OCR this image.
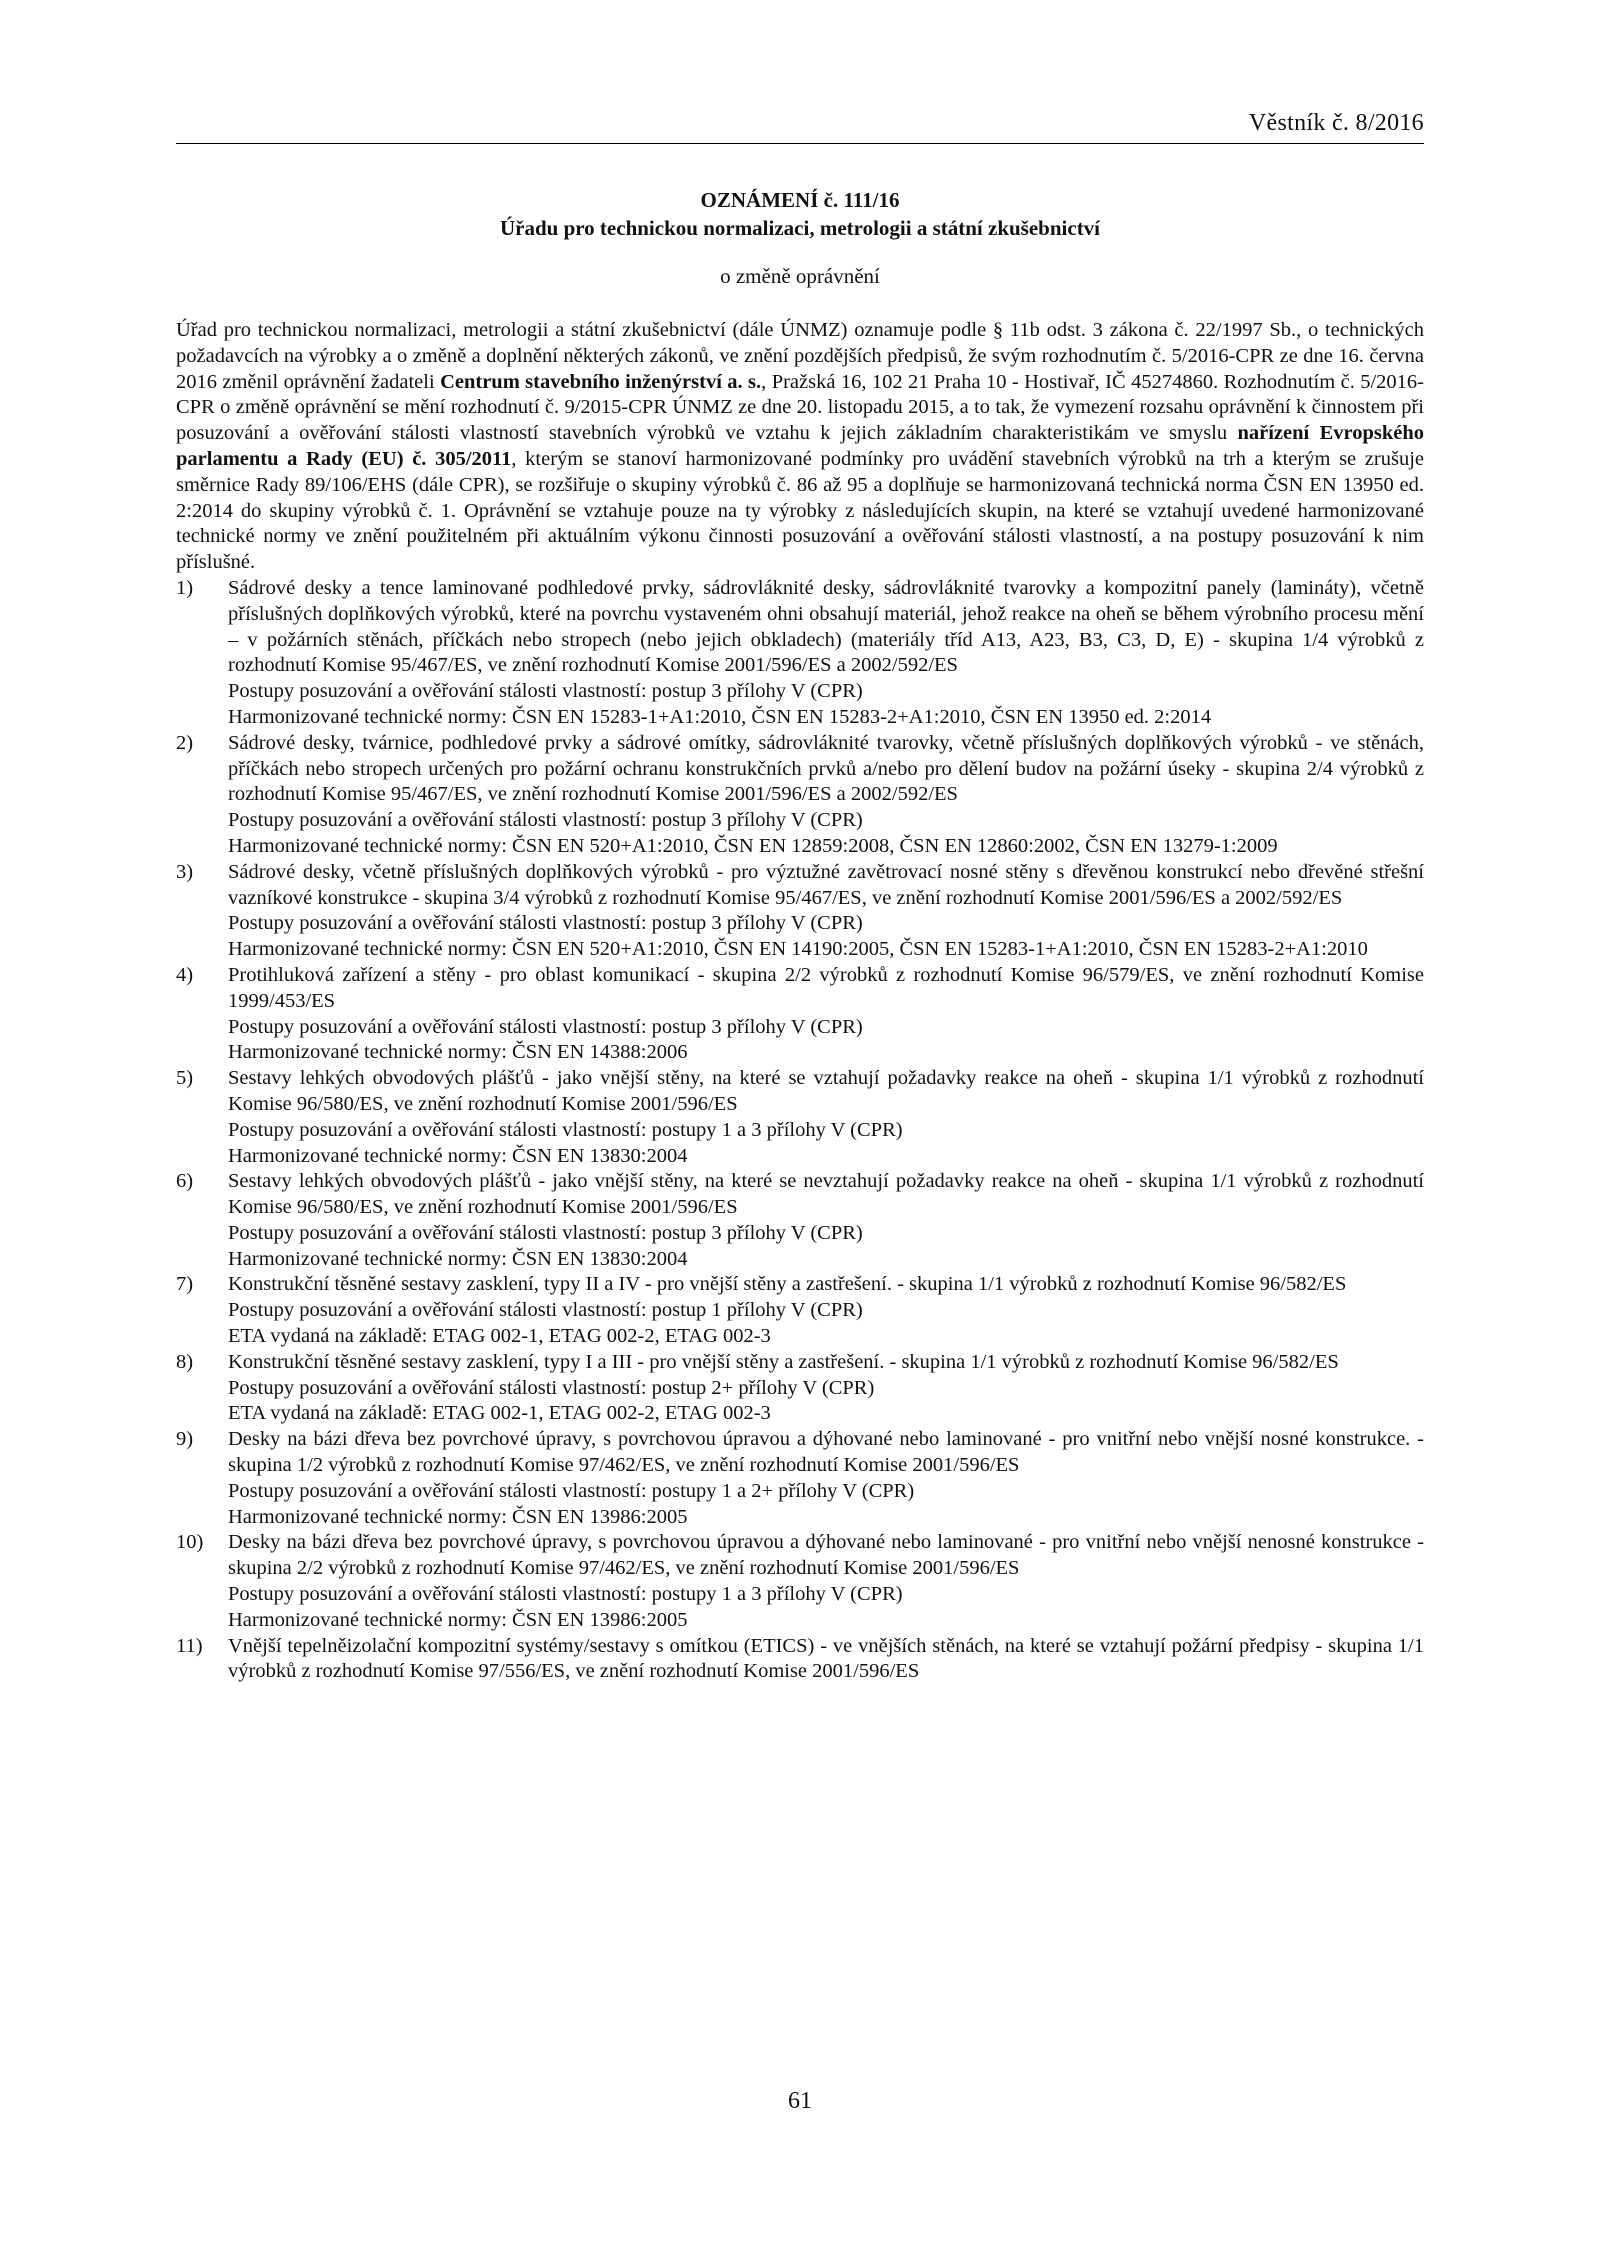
Věstník č. 8/2016
OZNÁMENÍ č. 111/16
Úřadu pro technickou normalizaci, metrologii a státní zkušebnictví
o změně oprávnění
Úřad pro technickou normalizaci, metrologii a státní zkušebnictví (dále ÚNMZ) oznamuje podle § 11b odst. 3 zákona č. 22/1997 Sb., o technických požadavcích na výrobky a o změně a doplnění některých zákonů, ve znění pozdějších předpisů, že svým rozhodnutím č. 5/2016-CPR ze dne 16. června 2016 změnil oprávnění žadateli Centrum stavebního inženýrství a. s., Pražská 16, 102 21 Praha 10 - Hostivař, IČ 45274860. Rozhodnutím č. 5/2016-CPR o změně oprávnění se mění rozhodnutí č. 9/2015-CPR ÚNMZ ze dne 20. listopadu 2015, a to tak, že vymezení rozsahu oprávnění k činnostem při posuzování a ověřování stálosti vlastností stavebních výrobků ve vztahu k jejich základním charakteristikám ve smyslu nařízení Evropského parlamentu a Rady (EU) č. 305/2011, kterým se stanoví harmonizované podmínky pro uvádění stavebních výrobků na trh a kterým se zrušuje směrnice Rady 89/106/EHS (dále CPR), se rozšiřuje o skupiny výrobků č. 86 až 95 a doplňuje se harmonizovaná technická norma ČSN EN 13950 ed. 2:2014 do skupiny výrobků č. 1. Oprávnění se vztahuje pouze na ty výrobky z následujících skupin, na které se vztahují uvedené harmonizované technické normy ve znění použitelném při aktuálním výkonu činnosti posuzování a ověřování stálosti vlastností, a na postupy posuzování k nim příslušné.
1) Sádrové desky a tence laminované podhledové prvky, sádrovláknité desky, sádrovláknité tvarovky a kompozitní panely (lamináty), včetně příslušných doplňkových výrobků, které na povrchu vystaveném ohni obsahují materiál, jehož reakce na oheň se během výrobního procesu mění – v požárních stěnách, příčkách nebo stropech (nebo jejich obkladech) (materiály tříd A13, A23, B3, C3, D, E) - skupina 1/4 výrobků z rozhodnutí Komise 95/467/ES, ve znění rozhodnutí Komise 2001/596/ES a 2002/592/ES
Postupy posuzování a ověřování stálosti vlastností: postup 3 přílohy V (CPR)
Harmonizované technické normy: ČSN EN 15283-1+A1:2010, ČSN EN 15283-2+A1:2010, ČSN EN 13950 ed. 2:2014
2) Sádrové desky, tvárnice, podhledové prvky a sádrové omítky, sádrovláknité tvarovky, včetně příslušných doplňkových výrobků - ve stěnách, příčkách nebo stropech určených pro požární ochranu konstrukčních prvků a/nebo pro dělení budov na požární úseky - skupina 2/4 výrobků z rozhodnutí Komise 95/467/ES, ve znění rozhodnutí Komise 2001/596/ES a 2002/592/ES
Postupy posuzování a ověřování stálosti vlastností: postup 3 přílohy V (CPR)
Harmonizované technické normy: ČSN EN 520+A1:2010, ČSN EN 12859:2008, ČSN EN 12860:2002, ČSN EN 13279-1:2009
3) Sádrové desky, včetně příslušných doplňkových výrobků - pro výztužné zavětrovací nosné stěny s dřevěnou konstrukcí nebo dřevěné střešní vazníkové konstrukce - skupina 3/4 výrobků z rozhodnutí Komise 95/467/ES, ve znění rozhodnutí Komise 2001/596/ES a 2002/592/ES
Postupy posuzování a ověřování stálosti vlastností: postup 3 přílohy V (CPR)
Harmonizované technické normy: ČSN EN 520+A1:2010, ČSN EN 14190:2005, ČSN EN 15283-1+A1:2010, ČSN EN 15283-2+A1:2010
4) Protihluková zařízení a stěny - pro oblast komunikací - skupina 2/2 výrobků z rozhodnutí Komise 96/579/ES, ve znění rozhodnutí Komise 1999/453/ES
Postupy posuzování a ověřování stálosti vlastností: postup 3 přílohy V (CPR)
Harmonizované technické normy: ČSN EN 14388:2006
5) Sestavy lehkých obvodových plášťů - jako vnější stěny, na které se vztahují požadavky reakce na oheň - skupina 1/1 výrobků z rozhodnutí Komise 96/580/ES, ve znění rozhodnutí Komise 2001/596/ES
Postupy posuzování a ověřování stálosti vlastností: postupy 1 a 3 přílohy V (CPR)
Harmonizované technické normy: ČSN EN 13830:2004
6) Sestavy lehkých obvodových plášťů - jako vnější stěny, na které se nevztahují požadavky reakce na oheň - skupina 1/1 výrobků z rozhodnutí Komise 96/580/ES, ve znění rozhodnutí Komise 2001/596/ES
Postupy posuzování a ověřování stálosti vlastností: postup 3 přílohy V (CPR)
Harmonizované technické normy: ČSN EN 13830:2004
7) Konstrukční těsněné sestavy zasklení, typy II a IV - pro vnější stěny a zastřešení. - skupina 1/1 výrobků z rozhodnutí Komise 96/582/ES
Postupy posuzování a ověřování stálosti vlastností: postup 1 přílohy V (CPR)
ETA vydaná na základě: ETAG 002-1, ETAG 002-2, ETAG 002-3
8) Konstrukční těsněné sestavy zasklení, typy I a III - pro vnější stěny a zastřešení. - skupina 1/1 výrobků z rozhodnutí Komise 96/582/ES
Postupy posuzování a ověřování stálosti vlastností: postup 2+ přílohy V (CPR)
ETA vydaná na základě: ETAG 002-1, ETAG 002-2, ETAG 002-3
9) Desky na bázi dřeva bez povrchové úpravy, s povrchovou úpravou a dýhované nebo laminované - pro vnitřní nebo vnější nosné konstrukce. - skupina 1/2 výrobků z rozhodnutí Komise 97/462/ES, ve znění rozhodnutí Komise 2001/596/ES
Postupy posuzování a ověřování stálosti vlastností: postupy 1 a 2+ přílohy V (CPR)
Harmonizované technické normy: ČSN EN 13986:2005
10) Desky na bázi dřeva bez povrchové úpravy, s povrchovou úpravou a dýhované nebo laminované - pro vnitřní nebo vnější nenosné konstrukce - skupina 2/2 výrobků z rozhodnutí Komise 97/462/ES, ve znění rozhodnutí Komise 2001/596/ES
Postupy posuzování a ověřování stálosti vlastností: postupy 1 a 3 přílohy V (CPR)
Harmonizované technické normy: ČSN EN 13986:2005
11) Vnější tepelněizolační kompozitní systémy/sestavy s omítkou (ETICS) - ve vnějších stěnách, na které se vztahují požární předpisy - skupina 1/1 výrobků z rozhodnutí Komise 97/556/ES, ve znění rozhodnutí Komise 2001/596/ES
61
